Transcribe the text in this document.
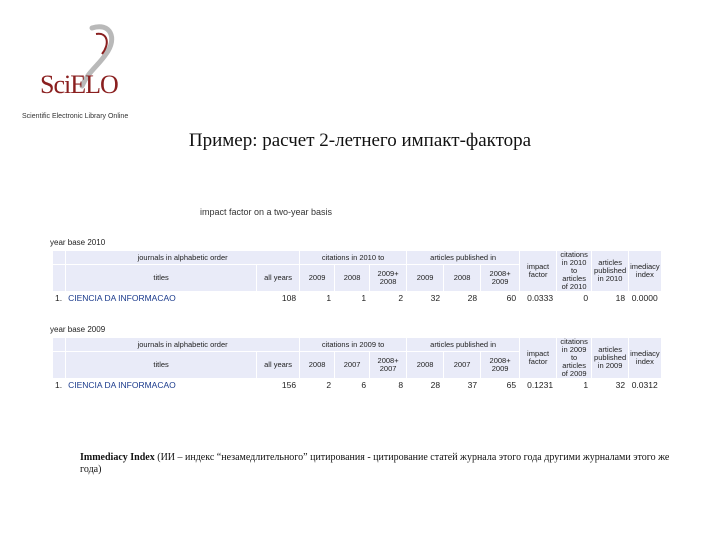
SciELO
Scientific Electronic Library Online
Пример: расчет 2-летнего импакт-фактора
impact factor on a two-year basis
year base 2010
	journals in alphabetic order		citations in 2010 to			articles published in			impact factor	citations in 2010 to articles of 2010	articles published in 2010	imediacy index
	titles	all years	2009	2008	2009+ 2008	2009	2008	2008+ 2009				
1.	CIENCIA DA INFORMACAO	108	1	1	2	32	28	60	0.0333	0	18	0.0000
year base 2009
	journals in alphabetic order		citations in 2009 to			articles published in			impact factor	citations in 2009 to articles of 2009	articles published in 2009	imediacy index
	titles	all years	2008	2007	2008+ 2007	2008	2007	2008+ 2009				
1.	CIENCIA DA INFORMACAO	156	2	6	8	28	37	65	0.1231	1	32	0.0312
Immediacy Index (ИИ – индекс “незамедлительного” цитирования - цитирование статей журнала этого года другими журналами этого же года)
